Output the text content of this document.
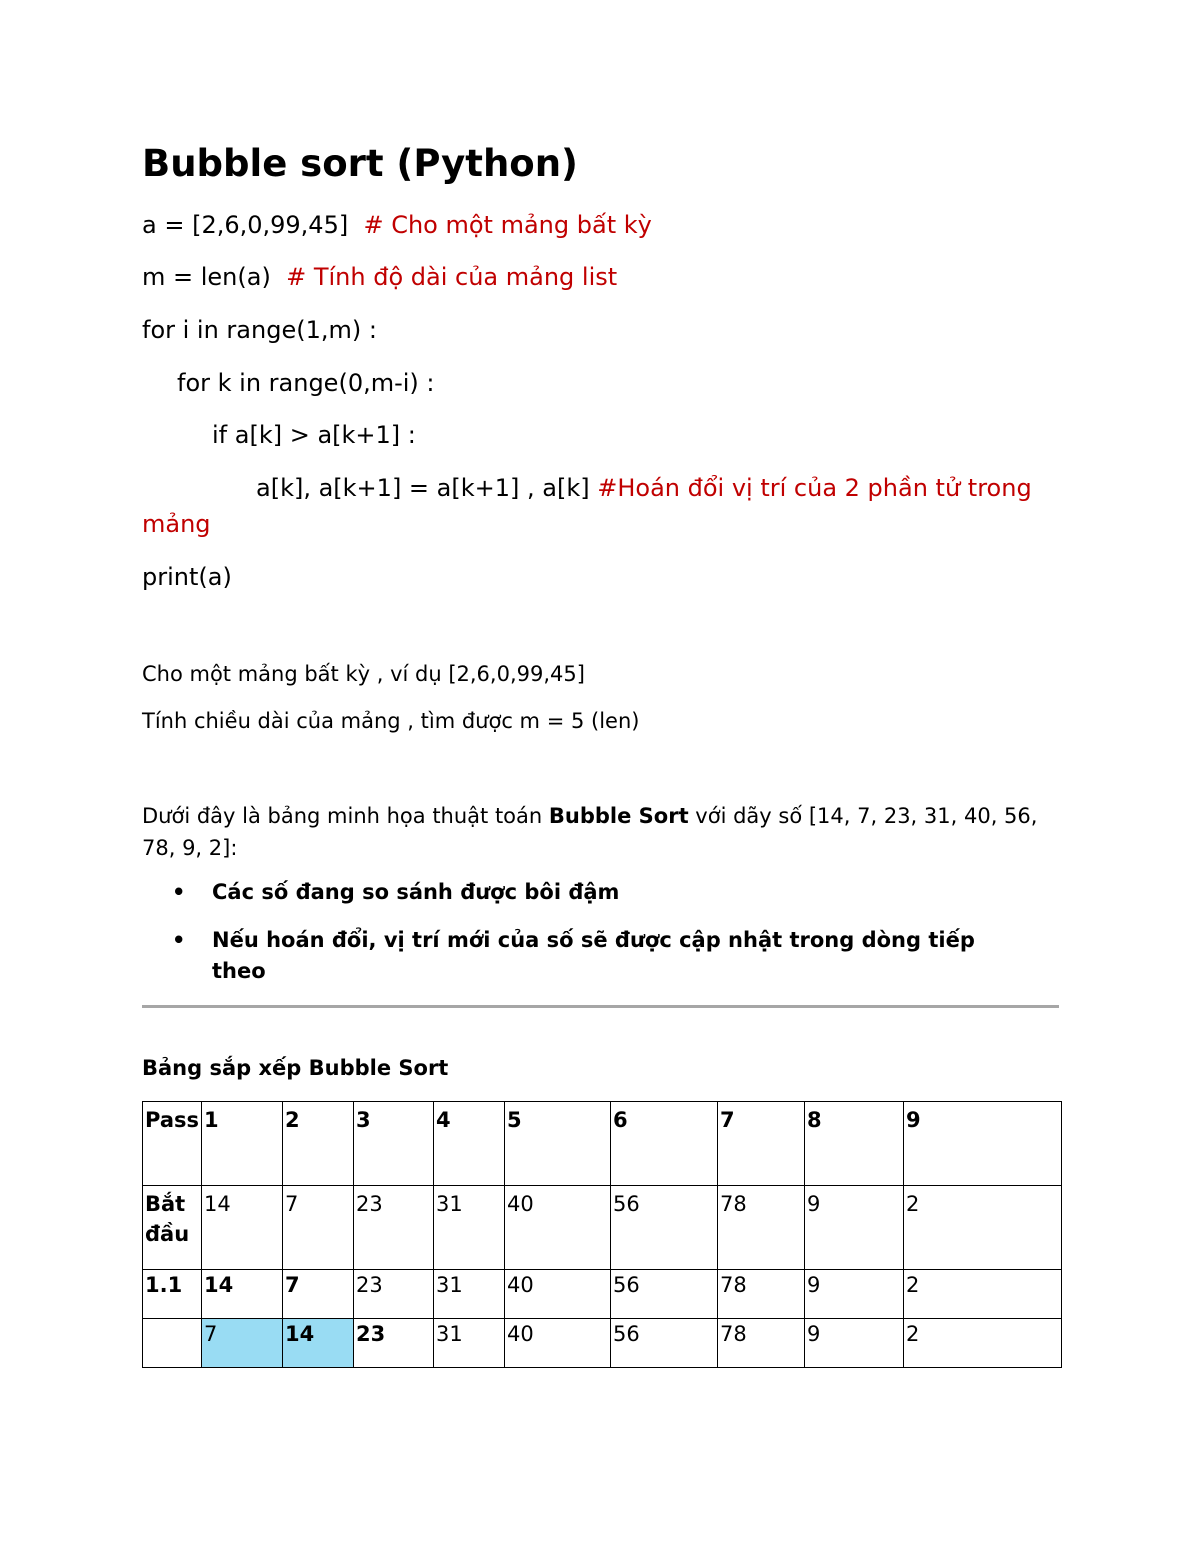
Bubble sort (Python)
a = [2,6,0,99,45]  # Cho một mảng bất kỳ
m = len(a)  # Tính độ dài của mảng list
for i in range(1,m) :
for k in range(0,m-i) :
if a[k] > a[k+1] :
a[k], a[k+1] = a[k+1] , a[k] #Hoán đổi vị trí của 2 phần tử trong mảng
print(a)
Cho một mảng bất kỳ , ví dụ [2,6,0,99,45]
Tính chiều dài của mảng , tìm được m = 5 (len)
Dưới đây là bảng minh họa thuật toán Bubble Sort với dãy số [14, 7, 23, 31, 40, 56, 78, 9, 2]:
• Các số đang so sánh được bôi đậm
• Nếu hoán đổi, vị trí mới của số sẽ được cập nhật trong dòng tiếp theo
Bảng sắp xếp Bubble Sort
Pass	1	2	3	4	5	6	7	8	9
Bắt đầu	14	7	23	31	40	56	78	9	2
1.1	14	7	23	31	40	56	78	9	2
	7	14	23	31	40	56	78	9	2
